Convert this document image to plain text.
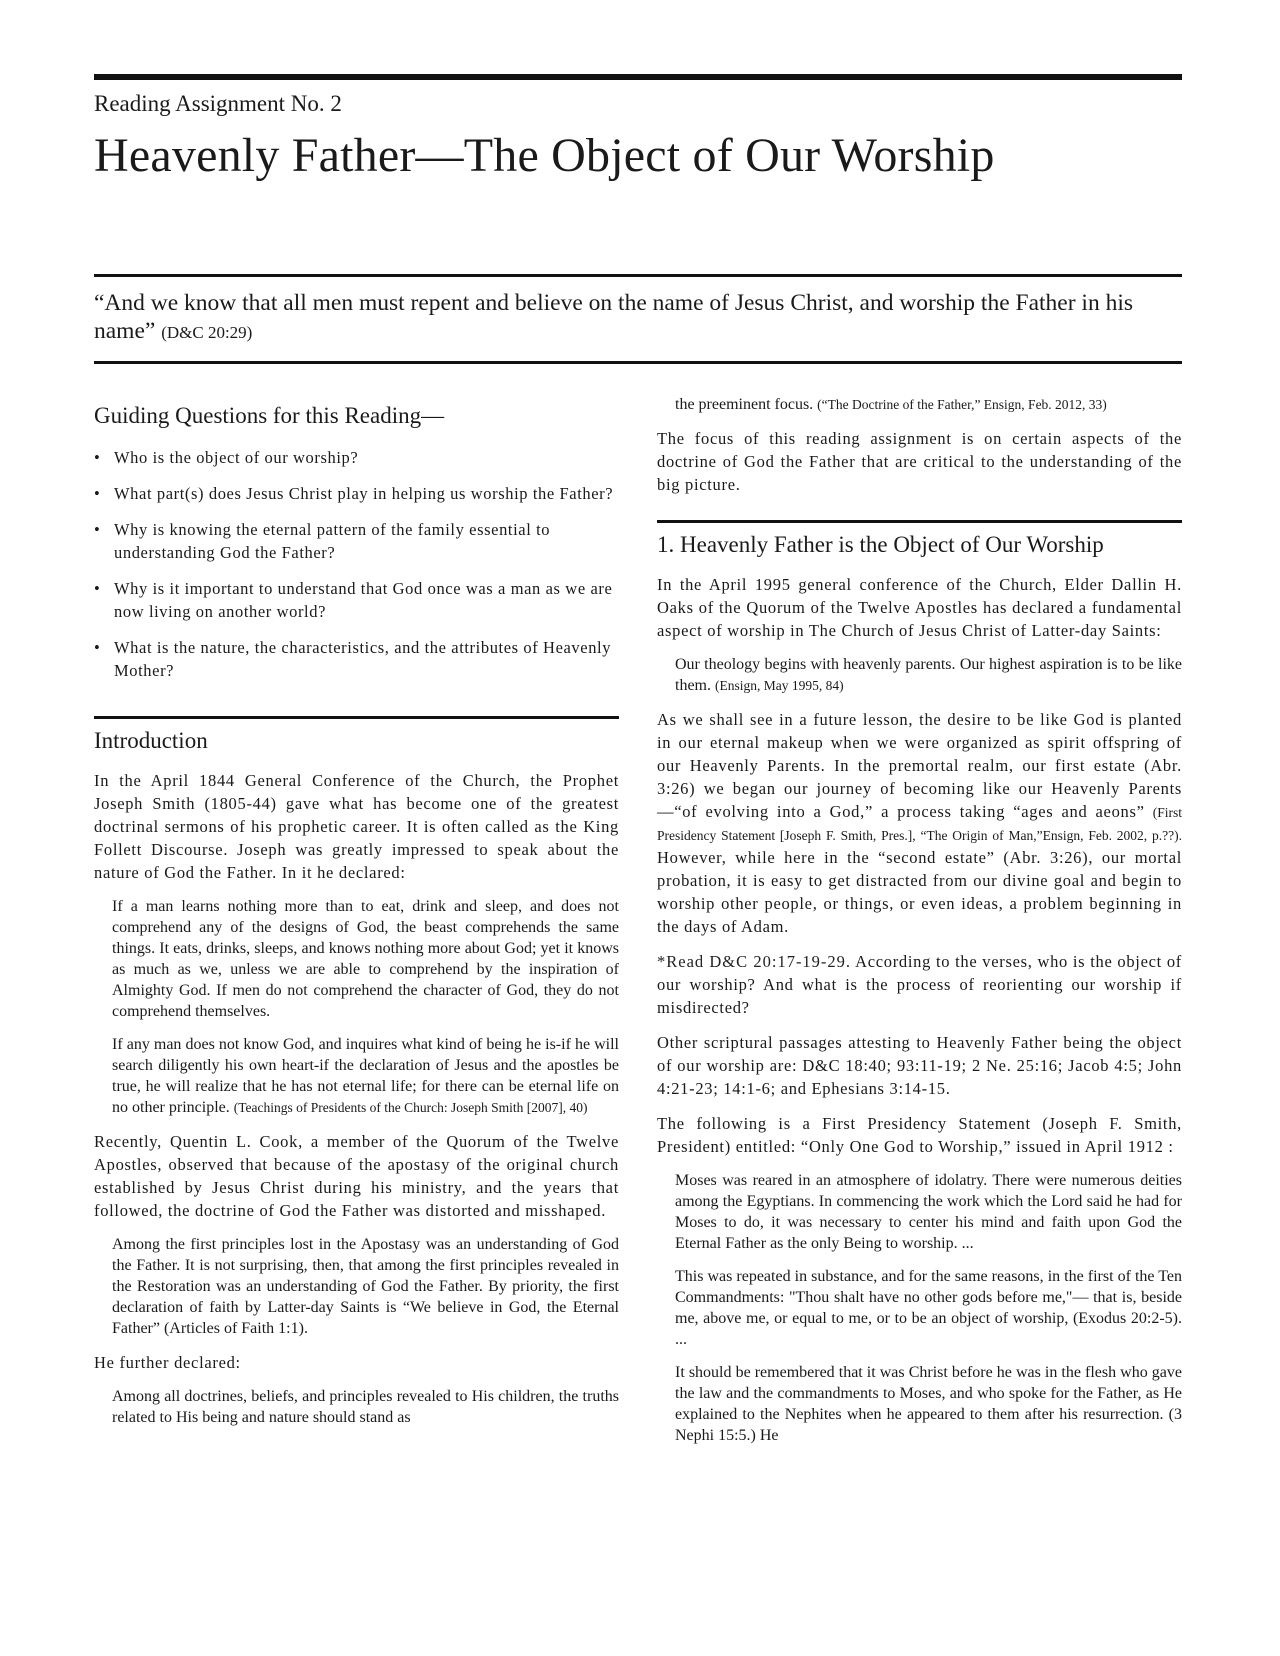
Reading Assignment No. 2
Heavenly Father—The Object of Our Worship
“And we know that all men must repent and believe on the name of Jesus Christ, and worship the Father in his name” (D&C 20:29)
Guiding Questions for this Reading—
• Who is the object of our worship?
• What part(s) does Jesus Christ play in helping us worship the Father?
• Why is knowing the eternal pattern of the family essential to understanding God the Father?
• Why is it important to understand that God once was a man as we are now living on another world?
• What is the nature, the characteristics, and the attributes of Heavenly Mother?
Introduction

In the April 1844 General Conference of the Church, the Prophet Joseph Smith (1805-44) gave what has become one of the greatest doctrinal sermons of his prophetic career. It is often called as the King Follett Discourse. Joseph was greatly impressed to speak about the nature of God the Father. In it he declared:

If a man learns nothing more than to eat, drink and sleep, and does not comprehend any of the designs of God, the beast comprehends the same things. It eats, drinks, sleeps, and knows nothing more about God; yet it knows as much as we, unless we are able to comprehend by the inspiration of Almighty God. If men do not comprehend the character of God, they do not comprehend themselves.
If any man does not know God, and inquires what kind of being he is-if he will search diligently his own heart-if the declaration of Jesus and the apostles be true, he will realize that he has not eternal life; for there can be eternal life on no other principle. (Teachings of Presidents of the Church: Joseph Smith [2007], 40)

Recently, Quentin L. Cook, a member of the Quorum of the Twelve Apostles, observed that because of the apostasy of the original church established by Jesus Christ during his ministry, and the years that followed, the doctrine of God the Father was distorted and misshaped.

Among the first principles lost in the Apostasy was an understanding of God the Father. It is not surprising, then, that among the first principles revealed in the Restoration was an understanding of God the Father. By priority, the first declaration of faith by Latter-day Saints is “We believe in God, the Eternal Father” (Articles of Faith 1:1).

He further declared:

Among all doctrines, beliefs, and principles revealed to His children, the truths related to His being and nature should stand as
the preeminent focus. (“The Doctrine of the Father,” Ensign, Feb. 2012, 33)

The focus of this reading assignment is on certain aspects of the doctrine of God the Father that are critical to the understanding of the big picture.

1. Heavenly Father is the Object of Our Worship

In the April 1995 general conference of the Church, Elder Dallin H. Oaks of the Quorum of the Twelve Apostles has declared a fundamental aspect of worship in The Church of Jesus Christ of Latter-day Saints:

Our theology begins with heavenly parents. Our highest aspiration is to be like them. (Ensign, May 1995, 84)

As we shall see in a future lesson, the desire to be like God is planted in our eternal makeup when we were organized as spirit offspring of our Heavenly Parents. In the premortal realm, our first estate (Abr. 3:26) we began our journey of becoming like our Heavenly Parents—“of evolving into a God,” a process taking “ages and aeons” (First Presidency Statement [Joseph F. Smith, Pres.], “The Origin of Man,”Ensign, Feb. 2002, p.??). However, while here in the “second estate” (Abr. 3:26), our mortal probation, it is easy to get distracted from our divine goal and begin to worship other people, or things, or even ideas, a problem beginning in the days of Adam.

*Read D&C 20:17-19-29. According to the verses, who is the object of our worship? And what is the process of reorienting our worship if misdirected?

Other scriptural passages attesting to Heavenly Father being the object of our worship are: D&C 18:40; 93:11-19; 2 Ne. 25:16; Jacob 4:5; John 4:21-23; 14:1-6; and Ephesians 3:14-15.

The following is a First Presidency Statement (Joseph F. Smith, President) entitled: “Only One God to Worship,” issued in April 1912 :

Moses was reared in an atmosphere of idolatry. There were numerous deities among the Egyptians. In commencing the work which the Lord said he had for Moses to do, it was necessary to center his mind and faith upon God the Eternal Father as the only Being to worship. ...
This was repeated in substance, and for the same reasons, in the first of the Ten Commandments: "Thou shalt have no other gods before me,"— that is, beside me, above me, or equal to me, or to be an object of worship, (Exodus 20:2-5). ...
It should be remembered that it was Christ before he was in the flesh who gave the law and the commandments to Moses, and who spoke for the Father, as He explained to the Nephites when he appeared to them after his resurrection. (3 Nephi 15:5.) He
